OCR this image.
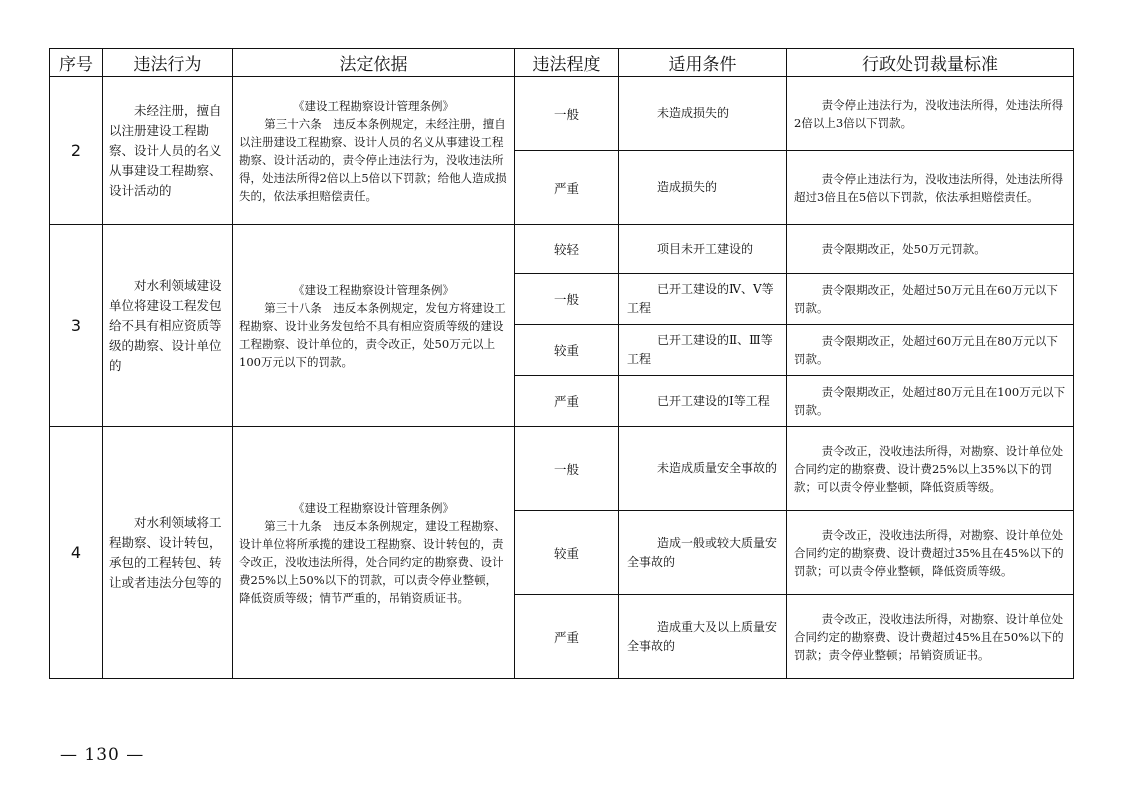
序号	违法行为	法定依据	违法程度	适用条件	行政处罚裁量标准
2	未经注册，擅自以注册建设工程勘察、设计人员的名义从事建设工程勘察、设计活动的	《建设工程勘察设计管理条例》
第三十六条　违反本条例规定，未经注册，擅自以注册建设工程勘察、设计人员的名义从事建设工程勘察、设计活动的，责令停止违法行为，没收违法所得，处违法所得2倍以上5倍以下罚款；给他人造成损失的，依法承担赔偿责任。	一般	未造成损失的	责令停止违法行为，没收违法所得，处违法所得2倍以上3倍以下罚款。

			严重	造成损失的	责令停止违法行为，没收违法所得，处违法所得超过3倍且在5倍以下罚款，依法承担赔偿责任。

3	对水利领域建设单位将建设工程发包给不具有相应资质等级的勘察、设计单位的	《建设工程勘察设计管理条例》
第三十八条　违反本条例规定，发包方将建设工程勘察、设计业务发包给不具有相应资质等级的建设工程勘察、设计单位的，责令改正，处50万元以上100万元以下的罚款。	较轻	项目未开工建设的	责令限期改正，处50万元罚款。

			一般	已开工建设的Ⅳ、Ⅴ等工程	责令限期改正，处超过50万元且在60万元以下罚款。

			较重	已开工建设的Ⅱ、Ⅲ等工程	责令限期改正，处超过60万元且在80万元以下罚款。

			严重	已开工建设的Ⅰ等工程	责令限期改正，处超过80万元且在100万元以下罚款。

4	对水利领域将工程勘察、设计转包，承包的工程转包、转让或者违法分包等的	《建设工程勘察设计管理条例》
第三十九条　违反本条例规定，建设工程勘察、设计单位将所承揽的建设工程勘察、设计转包的，责令改正，没收违法所得，处合同约定的勘察费、设计费25%以上50%以下的罚款，可以责令停业整顿，降低资质等级；情节严重的，吊销资质证书。	一般	未造成质量安全事故的	责令改正，没收违法所得，对勘察、设计单位处合同约定的勘察费、设计费25%以上35%以下的罚款；可以责令停业整顿，降低资质等级。

			较重	造成一般或较大质量安全事故的	责令改正，没收违法所得，对勘察、设计单位处合同约定的勘察费、设计费超过35%且在45%以下的罚款；可以责令停业整顿，降低资质等级。

			严重	造成重大及以上质量安全事故的	责令改正，没收违法所得，对勘察、设计单位处合同约定的勘察费、设计费超过45%且在50%以下的罚款；责令停业整顿；吊销资质证书。
— 130 —
